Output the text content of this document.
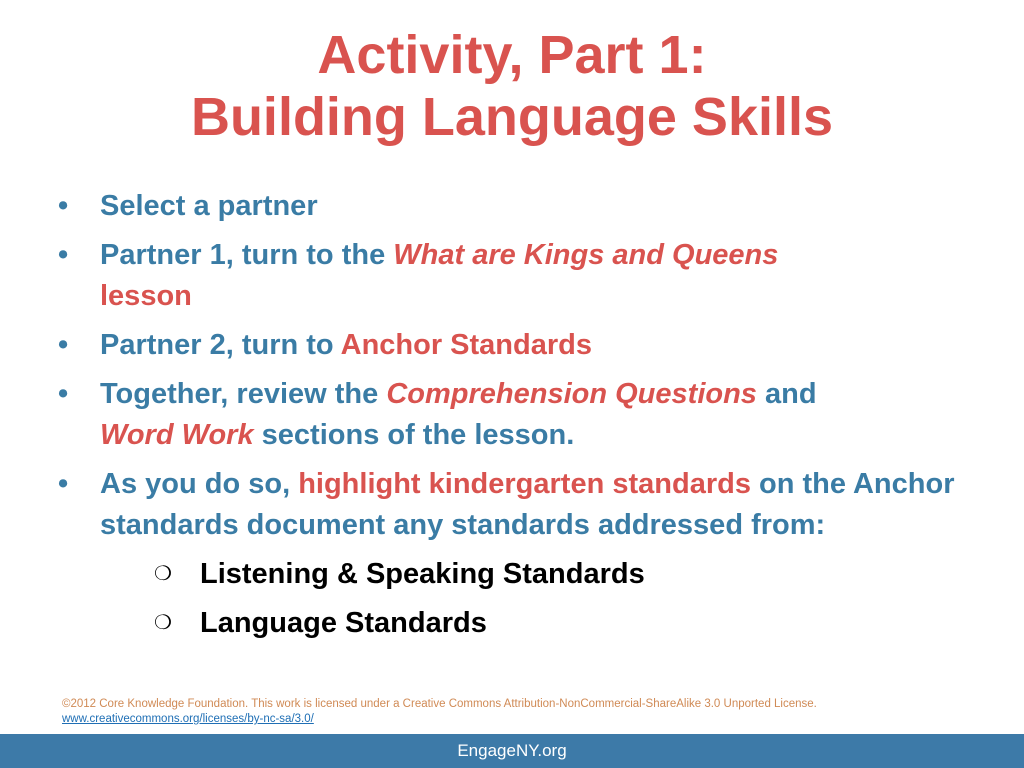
Activity, Part 1:
Building Language Skills
• Select a partner
• Partner 1, turn to the What are Kings and Queens
lesson
• Partner 2, turn to Anchor Standards
• Together, review the Comprehension Questions and
Word Work sections of the lesson.
• As you do so, highlight kindergarten standards on the Anchor standards document any standards addressed from:
❍ Listening & Speaking Standards
❍ Language Standards
©2012 Core Knowledge Foundation. This work is licensed under a Creative Commons Attribution-NonCommercial-ShareAlike 3.0 Unported License.
www.creativecommons.org/licenses/by-nc-sa/3.0/
EngageNY.org
